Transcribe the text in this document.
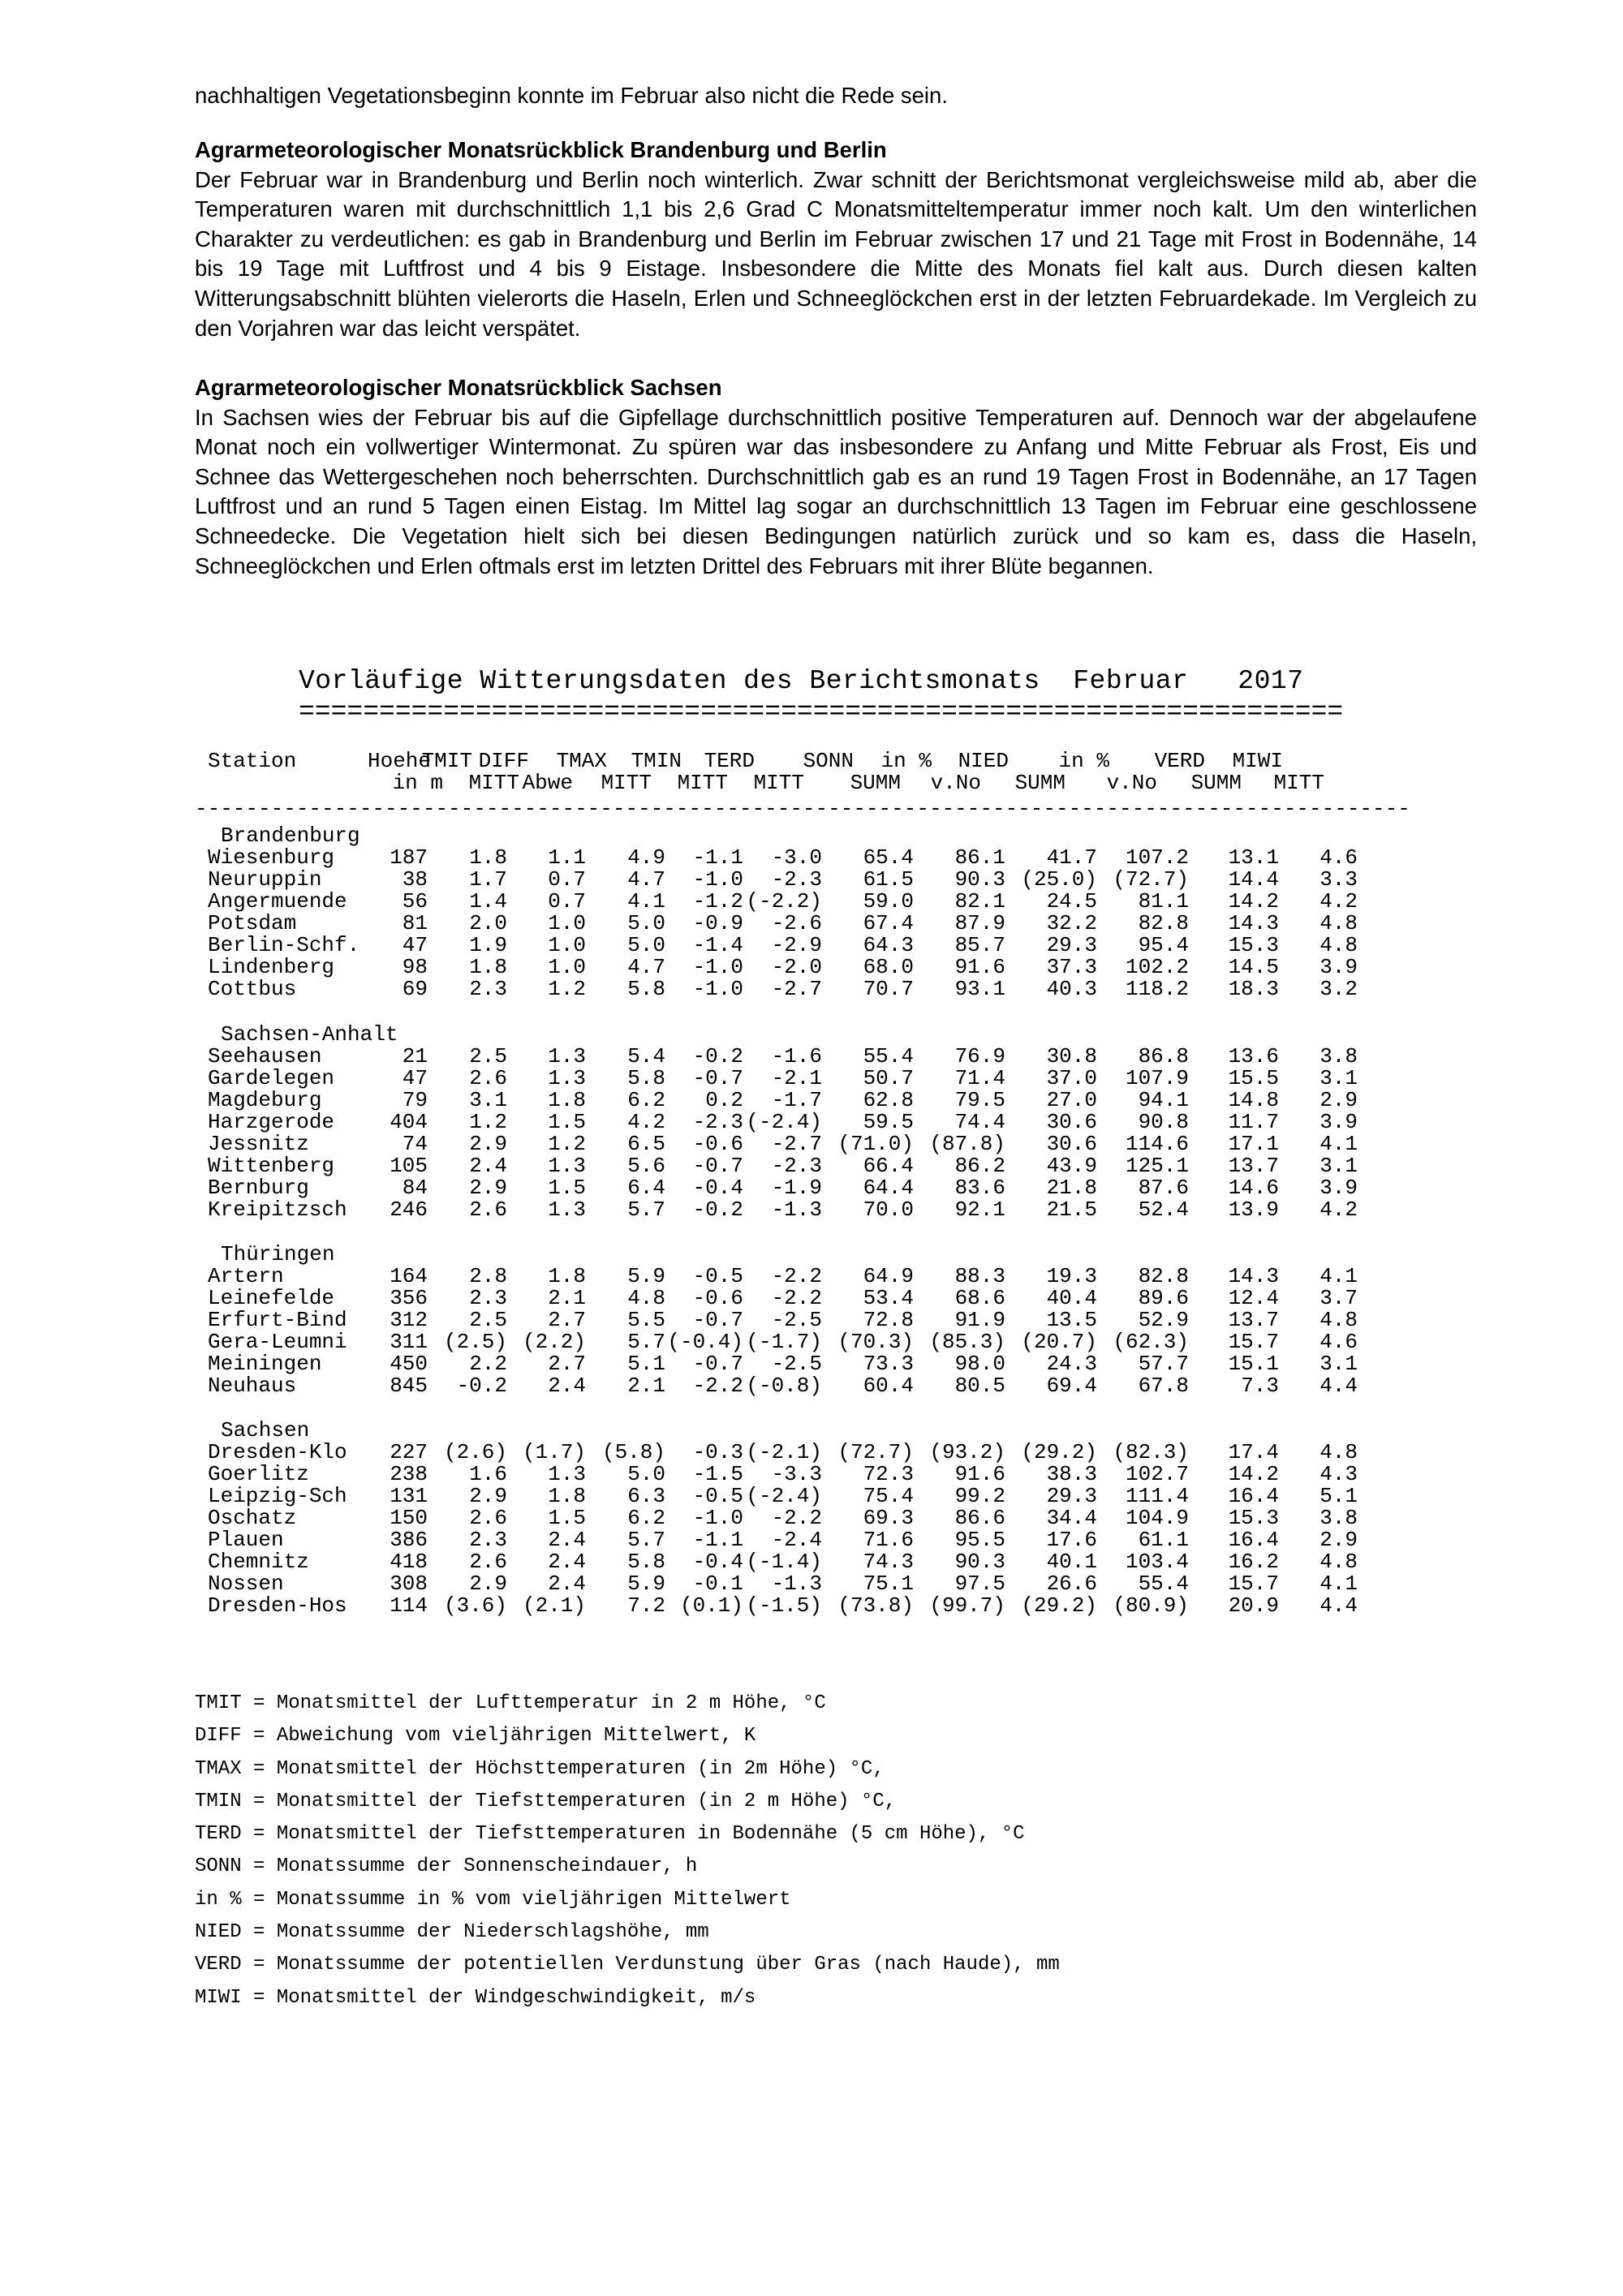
nachhaltigen Vegetationsbeginn konnte im Februar also nicht die Rede sein.

Agrarmeteorologischer Monatsrückblick Brandenburg und Berlin

Der Februar war in Brandenburg und Berlin noch winterlich. Zwar schnitt der Berichtsmonat vergleichsweise mild ab, aber die Temperaturen waren mit durchschnittlich 1,1 bis 2,6 Grad C Monatsmitteltemperatur immer noch kalt. Um den winterlichen Charakter zu verdeutlichen: es gab in Brandenburg und Berlin im Februar zwischen 17 und 21 Tage mit Frost in Bodennähe, 14 bis 19 Tage mit Luftfrost und 4 bis 9 Eistage. Insbesondere die Mitte des Monats fiel kalt aus. Durch diesen kalten Witterungsabschnitt blühten vielerorts die Haseln, Erlen und Schneeglöckchen erst in der letzten Februardekade. Im Vergleich zu den Vorjahren war das leicht verspätet.

Agrarmeteorologischer Monatsrückblick Sachsen

In Sachsen wies der Februar bis auf die Gipfellage durchschnittlich positive Temperaturen auf. Dennoch war der abgelaufene Monat noch ein vollwertiger Wintermonat. Zu spüren war das insbesondere zu Anfang und Mitte Februar als Frost, Eis und Schnee das Wettergeschehen noch beherrschten. Durchschnittlich gab es an rund 19 Tagen Frost in Bodennähe, an 17 Tagen Luftfrost und an rund 5 Tagen einen Eistag. Im Mittel lag sogar an durchschnittlich 13 Tagen im Februar eine geschlossene Schneedecke. Die Vegetation hielt sich bei diesen Bedingungen natürlich zurück und so kam es, dass die Haseln, Schneeglöckchen und Erlen oftmals erst im letzten Drittel des Februars mit ihrer Blüte begannen.

Vorläufige Witterungsdaten des Berichtsmonats  Februar   2017
=================================================================
Station	Hoehe
TMIT DIFF TMAX TMIN TERD SONN in % NIED in % VERD MIWI
in m MITT Abwe MITT MITT MITT SUMM v.No SUMM v.No SUMM MITT
------------------------------------------------------------------------------------------------
Brandenburg
Wiesenburg	187 1.8 1.1 4.9 -1.1 -3.0 65.4 86.1 41.7 107.2 13.1 4.6
Neuruppin	38 1.7 0.7 4.7 -1.0 -2.3 61.5 90.3 (25.0) (72.7) 14.4 3.3
Angermuende	56 1.4 0.7 4.1 -1.2 (-2.2) 59.0 82.1 24.5 81.1 14.2 4.2
Potsdam	81 2.0 1.0 5.0 -0.9 -2.6 67.4 87.9 32.2 82.8 14.3 4.8
Berlin-Schf. 47 1.9 1.0 5.0 -1.4 -2.9 64.3 85.7 29.3 95.4 15.3 4.8
Lindenberg	98 1.8 1.0 4.7 -1.0 -2.0 68.0 91.6 37.3 102.2 14.5 3.9
Cottbus	69 2.3 1.2 5.8 -1.0 -2.7 70.7 93.1 40.3 118.2 18.3 3.2
Sachsen-Anhalt
Seehausen	21 2.5 1.3 5.4 -0.2 -1.6 55.4 76.9 30.8 86.8 13.6 3.8
Gardelegen	47 2.6 1.3 5.8 -0.7 -2.1 50.7 71.4 37.0 107.9 15.5 3.1
Magdeburg	79 3.1 1.8 6.2 0.2 -1.7 62.8 79.5 27.0 94.1 14.8 2.9
Harzgerode	404 1.2 1.5 4.2 -2.3 (-2.4) 59.5 74.4 30.6 90.8 11.7 3.9
Jessnitz	74 2.9 1.2 6.5 -0.6 -2.7 (71.0) (87.8) 30.6 114.6 17.1 4.1
Wittenberg	105 2.4 1.3 5.6 -0.7 -2.3 66.4 86.2 43.9 125.1 13.7 3.1
Bernburg	84 2.9 1.5 6.4 -0.4 -1.9 64.4 83.6 21.8 87.6 14.6 3.9
Kreipitzsch 246 2.6 1.3 5.7 -0.2 -1.3 70.0 92.1 21.5 52.4 13.9 4.2
Thüringen
Artern	164 2.8 1.8 5.9 -0.5 -2.2 64.9 88.3 19.3 82.8 14.3 4.1
Leinefelde	356 2.3 2.1 4.8 -0.6 -2.2 53.4 68.6 40.4 89.6 12.4 3.7
Erfurt-Bind 312 2.5 2.7 5.5 -0.7 -2.5 72.8 91.9 13.5 52.9 13.7 4.8
Gera-Leumni 311 (2.5) (2.2) 5.7 (-0.4) (-1.7) (70.3) (85.3) (20.7) (62.3) 15.7 4.6
Meiningen	450 2.2 2.7 5.1 -0.7 -2.5 73.3 98.0 24.3 57.7 15.1 3.1
Neuhaus	845 -0.2 2.4 2.1 -2.2 (-0.8) 60.4 80.5 69.4 67.8 7.3 4.4
Sachsen
Dresden-Klo 227 (2.6) (1.7) (5.8) -0.3 (-2.1) (72.7) (93.2) (29.2) (82.3) 17.4 4.8
Goerlitz	238 1.6 1.3 5.0 -1.5 -3.3 72.3 91.6 38.3 102.7 14.2 4.3
Leipzig-Sch 131 2.9 1.8 6.3 -0.5 (-2.4) 75.4 99.2 29.3 111.4 16.4 5.1
Oschatz	150 2.6 1.5 6.2 -1.0 -2.2 69.3 86.6 34.4 104.9 15.3 3.8
Plauen	386 2.3 2.4 5.7 -1.1 -2.4 71.6 95.5 17.6 61.1 16.4 2.9
Chemnitz	418 2.6 2.4 5.8 -0.4 (-1.4) 74.3 90.3 40.1 103.4 16.2 4.8
Nossen	308 2.9 2.4 5.9 -0.1 -1.3 75.1 97.5 26.6 55.4 15.7 4.1
Dresden-Hos 114 (3.6) (2.1) 7.2 (0.1) (-1.5) (73.8) (99.7) (29.2) (80.9) 20.9 4.4
TMIT = Monatsmittel der Lufttemperatur in 2 m Höhe, °C
DIFF = Abweichung vom vieljährigen Mittelwert, K
TMAX = Monatsmittel der Höchsttemperaturen (in 2m Höhe) °C,
TMIN = Monatsmittel der Tiefsttemperaturen (in 2 m Höhe) °C,
TERD = Monatsmittel der Tiefsttemperaturen in Bodennähe (5 cm Höhe), °C
SONN = Monatssumme der Sonnenscheindauer, h
in % = Monatssumme in % vom vieljährigen Mittelwert
NIED = Monatssumme der Niederschlagshöhe, mm
VERD = Monatssumme der potentiellen Verdunstung über Gras (nach Haude), mm
MIWI = Monatsmittel der Windgeschwindigkeit, m/s
